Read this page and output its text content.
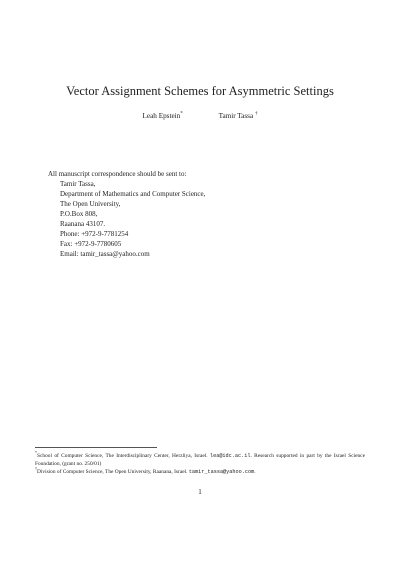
Vector Assignment Schemes for Asymmetric Settings
Leah Epstein*	Tamir Tassa †
All manuscript correspondence should be sent to:
Tamir Tassa,
Department of Mathematics and Computer Science,
The Open University,
P.O.Box 808,
Raanana 43107.
Phone: +972-9-7781254
Fax: +972-9-7780605
Email: tamir_tassa@yahoo.com

*School of Computer Science, The Interdisciplinary Center, Herzliya, Israel. lea@idc.ac.il. Research supported in part by the Israel Science Foundation, (grant no. 250/01)

†Division of Computer Science, The Open University, Raanana, Israel. tamir_tassa@yahoo.com.

1
